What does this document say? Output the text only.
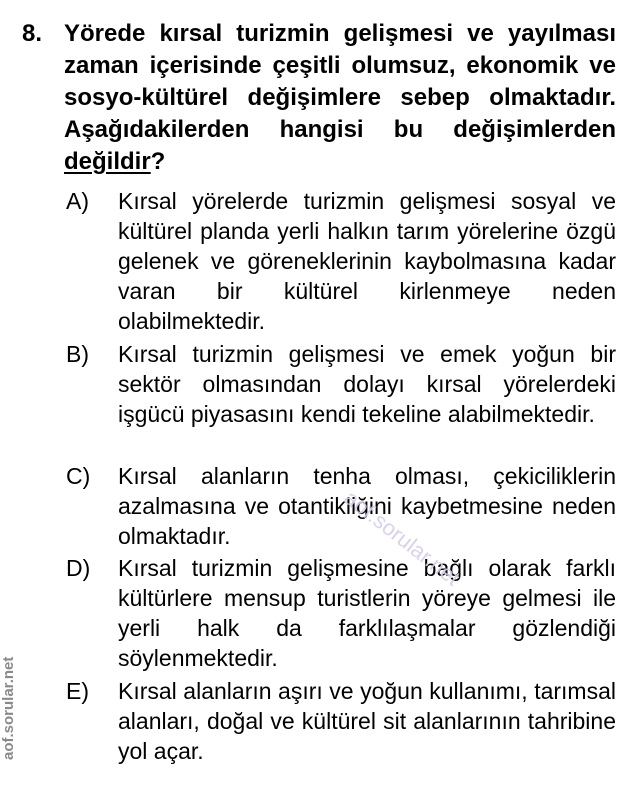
8. Yörede kırsal turizmin gelişmesi ve yayılması zaman içerisinde çeşitli olumsuz, ekonomik ve sosyo-kültürel değişimlere sebep olmaktadır. Aşağıdakilerden hangisi bu değişimlerden değildir?
A) Kırsal yörelerde turizmin gelişmesi sosyal ve kültürel planda yerli halkın tarım yörelerine özgü gelenek ve göreneklerinin kaybolmasına kadar varan bir kültürel kirlenmeye neden olabilmektedir.
B) Kırsal turizmin gelişmesi ve emek yoğun bir sektör olmasından dolayı kırsal yörelerdeki işgücü piyasasını kendi tekeline alabilmektedir.
C) Kırsal alanların tenha olması, çekiciliklerin azalmasına ve otantikliğini kaybetmesine neden olmaktadır.
D) Kırsal turizmin gelişmesine bağlı olarak farklı kültürlere mensup turistlerin yöreye gelmesi ile yerli halk da farklılaşmalar gözlendiği söylenmektedir.
E) Kırsal alanların aşırı ve yoğun kullanımı, tarımsal alanları, doğal ve kültürel sit alanlarının tahribine yol açar.
aof.sorular.net
aof.sorular.net
